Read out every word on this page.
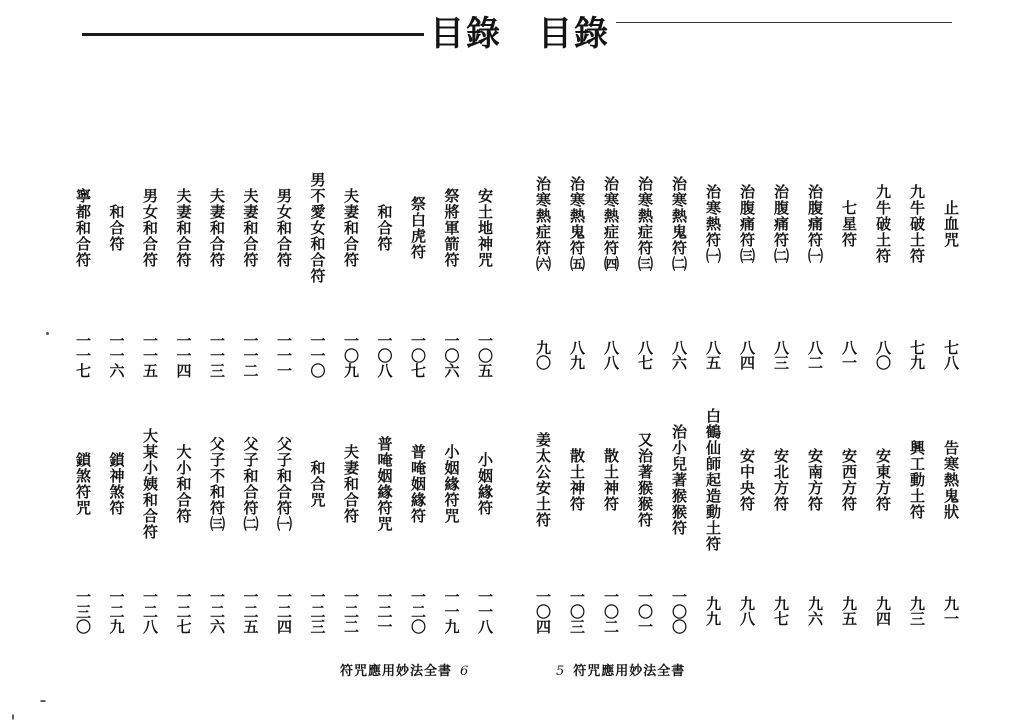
目錄
安土地神咒
一〇五
祭將軍箭符
一〇六
祭白虎符
一〇七
和合符
一〇八
夫妻和合符
一〇九
男不愛女和合符
一一〇
男女和合符
一一一
夫妻和合符
一一二
夫妻和合符
一一三
夫妻和合符
一一四
男女和合符
一一五
和合符
一一六
寧都和合符
一一七
小姻緣符
一一八
小姻緣符咒
一一九
普唵姻緣符
一二〇
普唵姻緣符咒
一二一
夫妻和合符
一二二
和合咒
一二三
父子和合符㈠
一二四
父子和合符㈡
一二五
父子不和符㈢
一二六
大小和合符
一二七
大某小姨和合符
一二八
鎖神煞符
一二九
鎖煞符咒
一三〇
符咒應用妙法全書 6
目錄
止血咒
七八
九牛破土符
七九
九牛破土符
八〇
七星符
八一
治腹痛符㈠
八二
治腹痛符㈡
八三
治腹痛符㈢
八四
治寒熱符㈠
八五
治寒熱鬼符㈡
八六
治寒熱症符㈢
八七
治寒熱症符㈣
八八
治寒熱鬼符㈤
八九
治寒熱症符㈥
九〇
告寒熱鬼狀
九一
興工動土符
九三
安東方符
九四
安西方符
九五
安南方符
九六
安北方符
九七
安中央符
九八
白鶴仙師起造動土符
九九
治小兒著猴猴符
一〇〇
又治著猴猴符
一〇一
散土神符
一〇二
散土神符
一〇三
姜太公安土符
一〇四
5 符咒應用妙法全書
